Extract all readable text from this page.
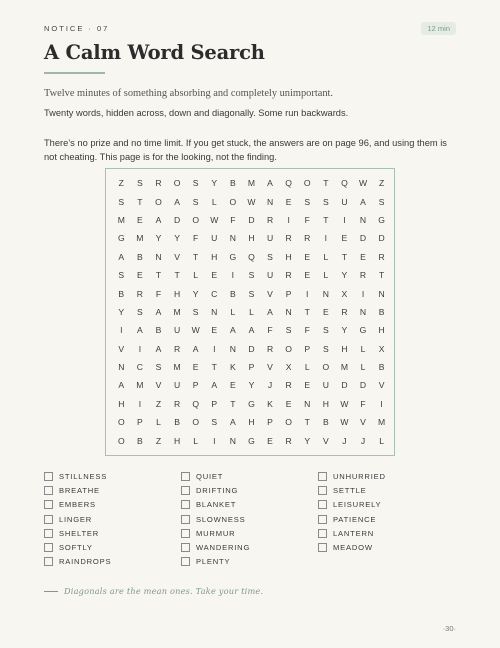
NOTICE · 07	12 min
A Calm Word Search
Twelve minutes of something absorbing and completely unimportant.
Twenty words, hidden across, down and diagonally. Some run backwards.
There’s no prize and no time limit. If you get stuck, the answers are on page 96, and using them is not cheating. This page is for the looking, not the finding.
Z	S	R	O	S	Y	B	M	A	Q	O	T	Q	W	Z
S	T	O	A	S	L	O	W	N	E	S	S	U	A	S
M	E	A	D	O	W	F	D	R	I	F	T	I	N	G
G	M	Y	Y	F	U	N	H	U	R	R	I	E	D	D
A	B	N	V	T	H	G	Q	S	H	E	L	T	E	R
S	E	T	T	L	E	I	S	U	R	E	L	Y	R	T
B	R	F	H	Y	C	B	S	V	P	I	N	X	I	N
Y	S	A	M	S	N	L	L	A	N	T	E	R	N	B
I	A	B	U	W	E	A	A	F	S	F	S	Y	G	H
V	I	A	R	A	I	N	D	R	O	P	S	H	L	X
N	C	S	M	E	T	K	P	V	X	L	O	M	L	B
A	M	V	U	P	A	E	Y	J	R	E	U	D	D	V
H	I	Z	R	Q	P	T	G	K	E	N	H	W	F	I
O	P	L	B	O	S	A	H	P	O	T	B	W	V	M
O	B	Z	H	L	I	N	G	E	R	Y	V	J	J	L
STILLNESS
BREATHE
EMBERS
LINGER
SHELTER
SOFTLY
RAINDROPS
QUIET
DRIFTING
BLANKET
SLOWNESS
MURMUR
WANDERING
PLENTY
UNHURRIED
SETTLE
LEISURELY
PATIENCE
LANTERN
MEADOW
Diagonals are the mean ones. Take your time.
·30·
